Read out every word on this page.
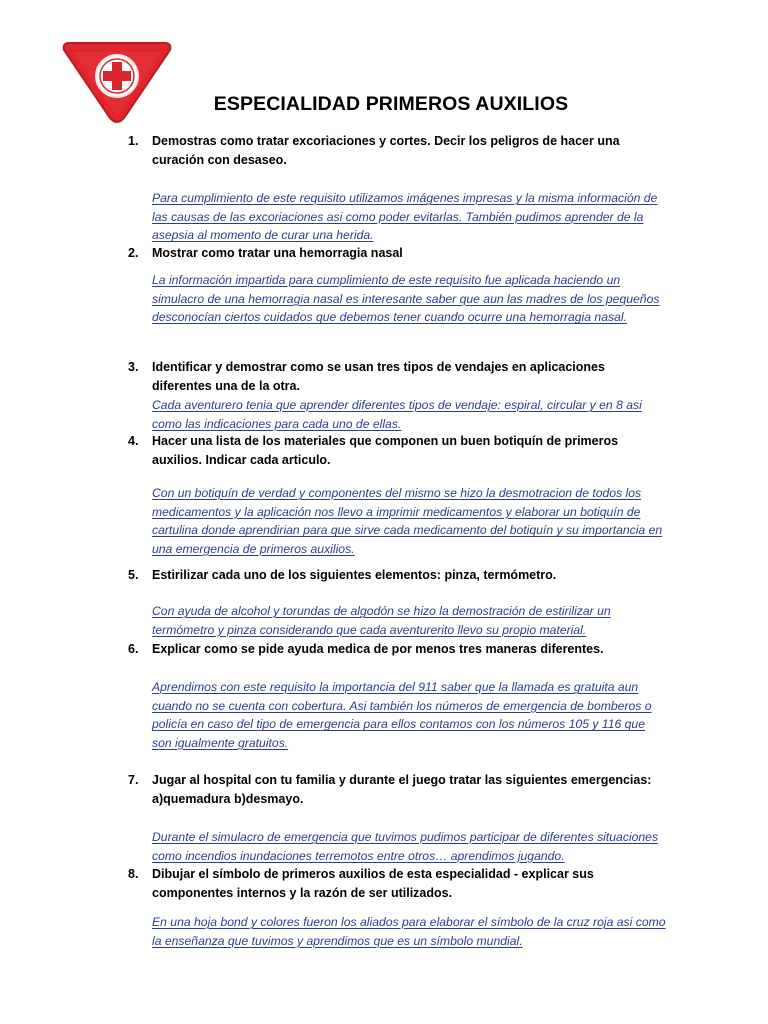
ESPECIALIDAD PRIMEROS AUXILIOS
1. Demostras como tratar excoriaciones y cortes. Decir los peligros de hacer una curación con desaseo.
Para cumplimiento de este requisito utilizamos imágenes impresas y la misma información de las causas de las excoriaciones asi como poder evitarlas. También pudimos aprender de la asepsia al momento de curar una herida.
2. Mostrar como tratar una hemorragia nasal
La información impartida para cumplimiento de este requisito fue aplicada haciendo un simulacro de una hemorragia nasal es interesante saber que aun las madres de los pequeños desconocían ciertos cuidados que debemos tener cuando ocurre una hemorragia nasal.
3. Identificar y demostrar como se usan tres tipos de vendajes en aplicaciones diferentes una de la otra.
Cada aventurero tenia que aprender diferentes tipos de vendaje: espiral, circular y en 8 asi como las indicaciones para cada uno de ellas.
4. Hacer una lista de los materiales que componen un buen botiquín de primeros auxilios. Indicar cada articulo.
Con un botiquín de verdad y componentes del mismo se hizo la desmotracion de todos los medicamentos y la aplicación nos llevo a imprimir medicamentos y elaborar un botiquín de cartulina donde aprendirian para que sirve cada medicamento del botiquín y su importancia en una emergencia de primeros auxilios.
5. Estirilizar cada uno de los siguientes elementos: pinza, termómetro.
Con ayuda de alcohol y torundas de algodón se hizo la demostración de estirilizar un termómetro y pinza considerando que cada aventurerito llevo su propio material.
6. Explicar como se pide ayuda medica de por menos tres maneras diferentes.
Aprendimos con este requisito la importancia del 911 saber que la llamada es gratuita aun cuando no se cuenta con cobertura. Asi también los números de emergencia de bomberos o policía en caso del tipo de emergencia para ellos contamos con los números 105 y 116 que son igualmente gratuitos.
7. Jugar al hospital con tu familia y durante el juego tratar las siguientes emergencias: a)quemadura b)desmayo.
Durante el simulacro de emergencia que tuvimos pudimos participar de diferentes situaciones como incendios inundaciones terremotos entre otros… aprendimos jugando.
8. Dibujar el símbolo de primeros auxilios de esta especialidad - explicar sus componentes internos y la razón de ser utilizados.
En una hoja bond y colores fueron los aliados para elaborar el símbolo de la cruz roja asi como la enseñanza que tuvimos y aprendimos que es un símbolo mundial.
